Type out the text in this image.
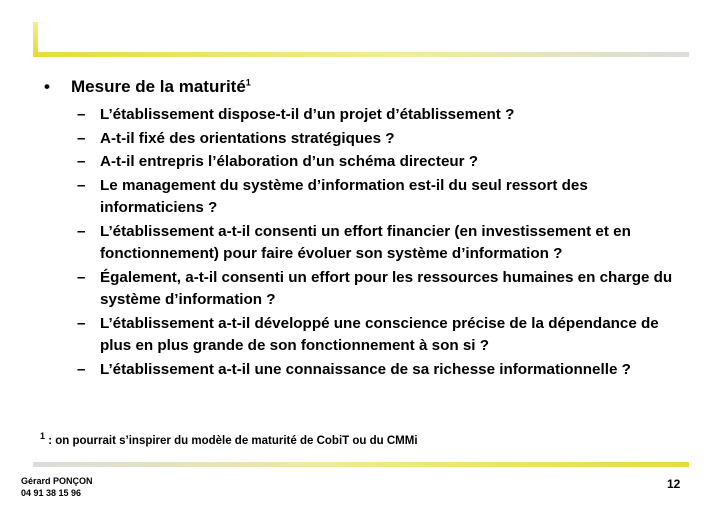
• Mesure de la maturité$^1$
– L’établissement dispose-t-il d’un projet d’établissement ?
– A-t-il fixé des orientations stratégiques ?
– A-t-il entrepris l’élaboration d’un schéma directeur ?
– Le management du système d’information est-il du seul ressort des informaticiens ?
– L’établissement a-t-il consenti un effort financier (en investissement et en fonctionnement) pour faire évoluer son système d’information ?
– Également, a-t-il consenti un effort pour les ressources humaines en charge du système d’information ?
– L’établissement a-t-il développé une conscience précise de la dépendance de plus en plus grande de son fonctionnement à son si ?
– L’établissement a-t-il une connaissance de sa richesse informationnelle ?
$^1$ : on pourrait s’inspirer du modèle de maturité de CobiT ou du CMMi
Gérard PONÇON
04 91 38 15 96
12
